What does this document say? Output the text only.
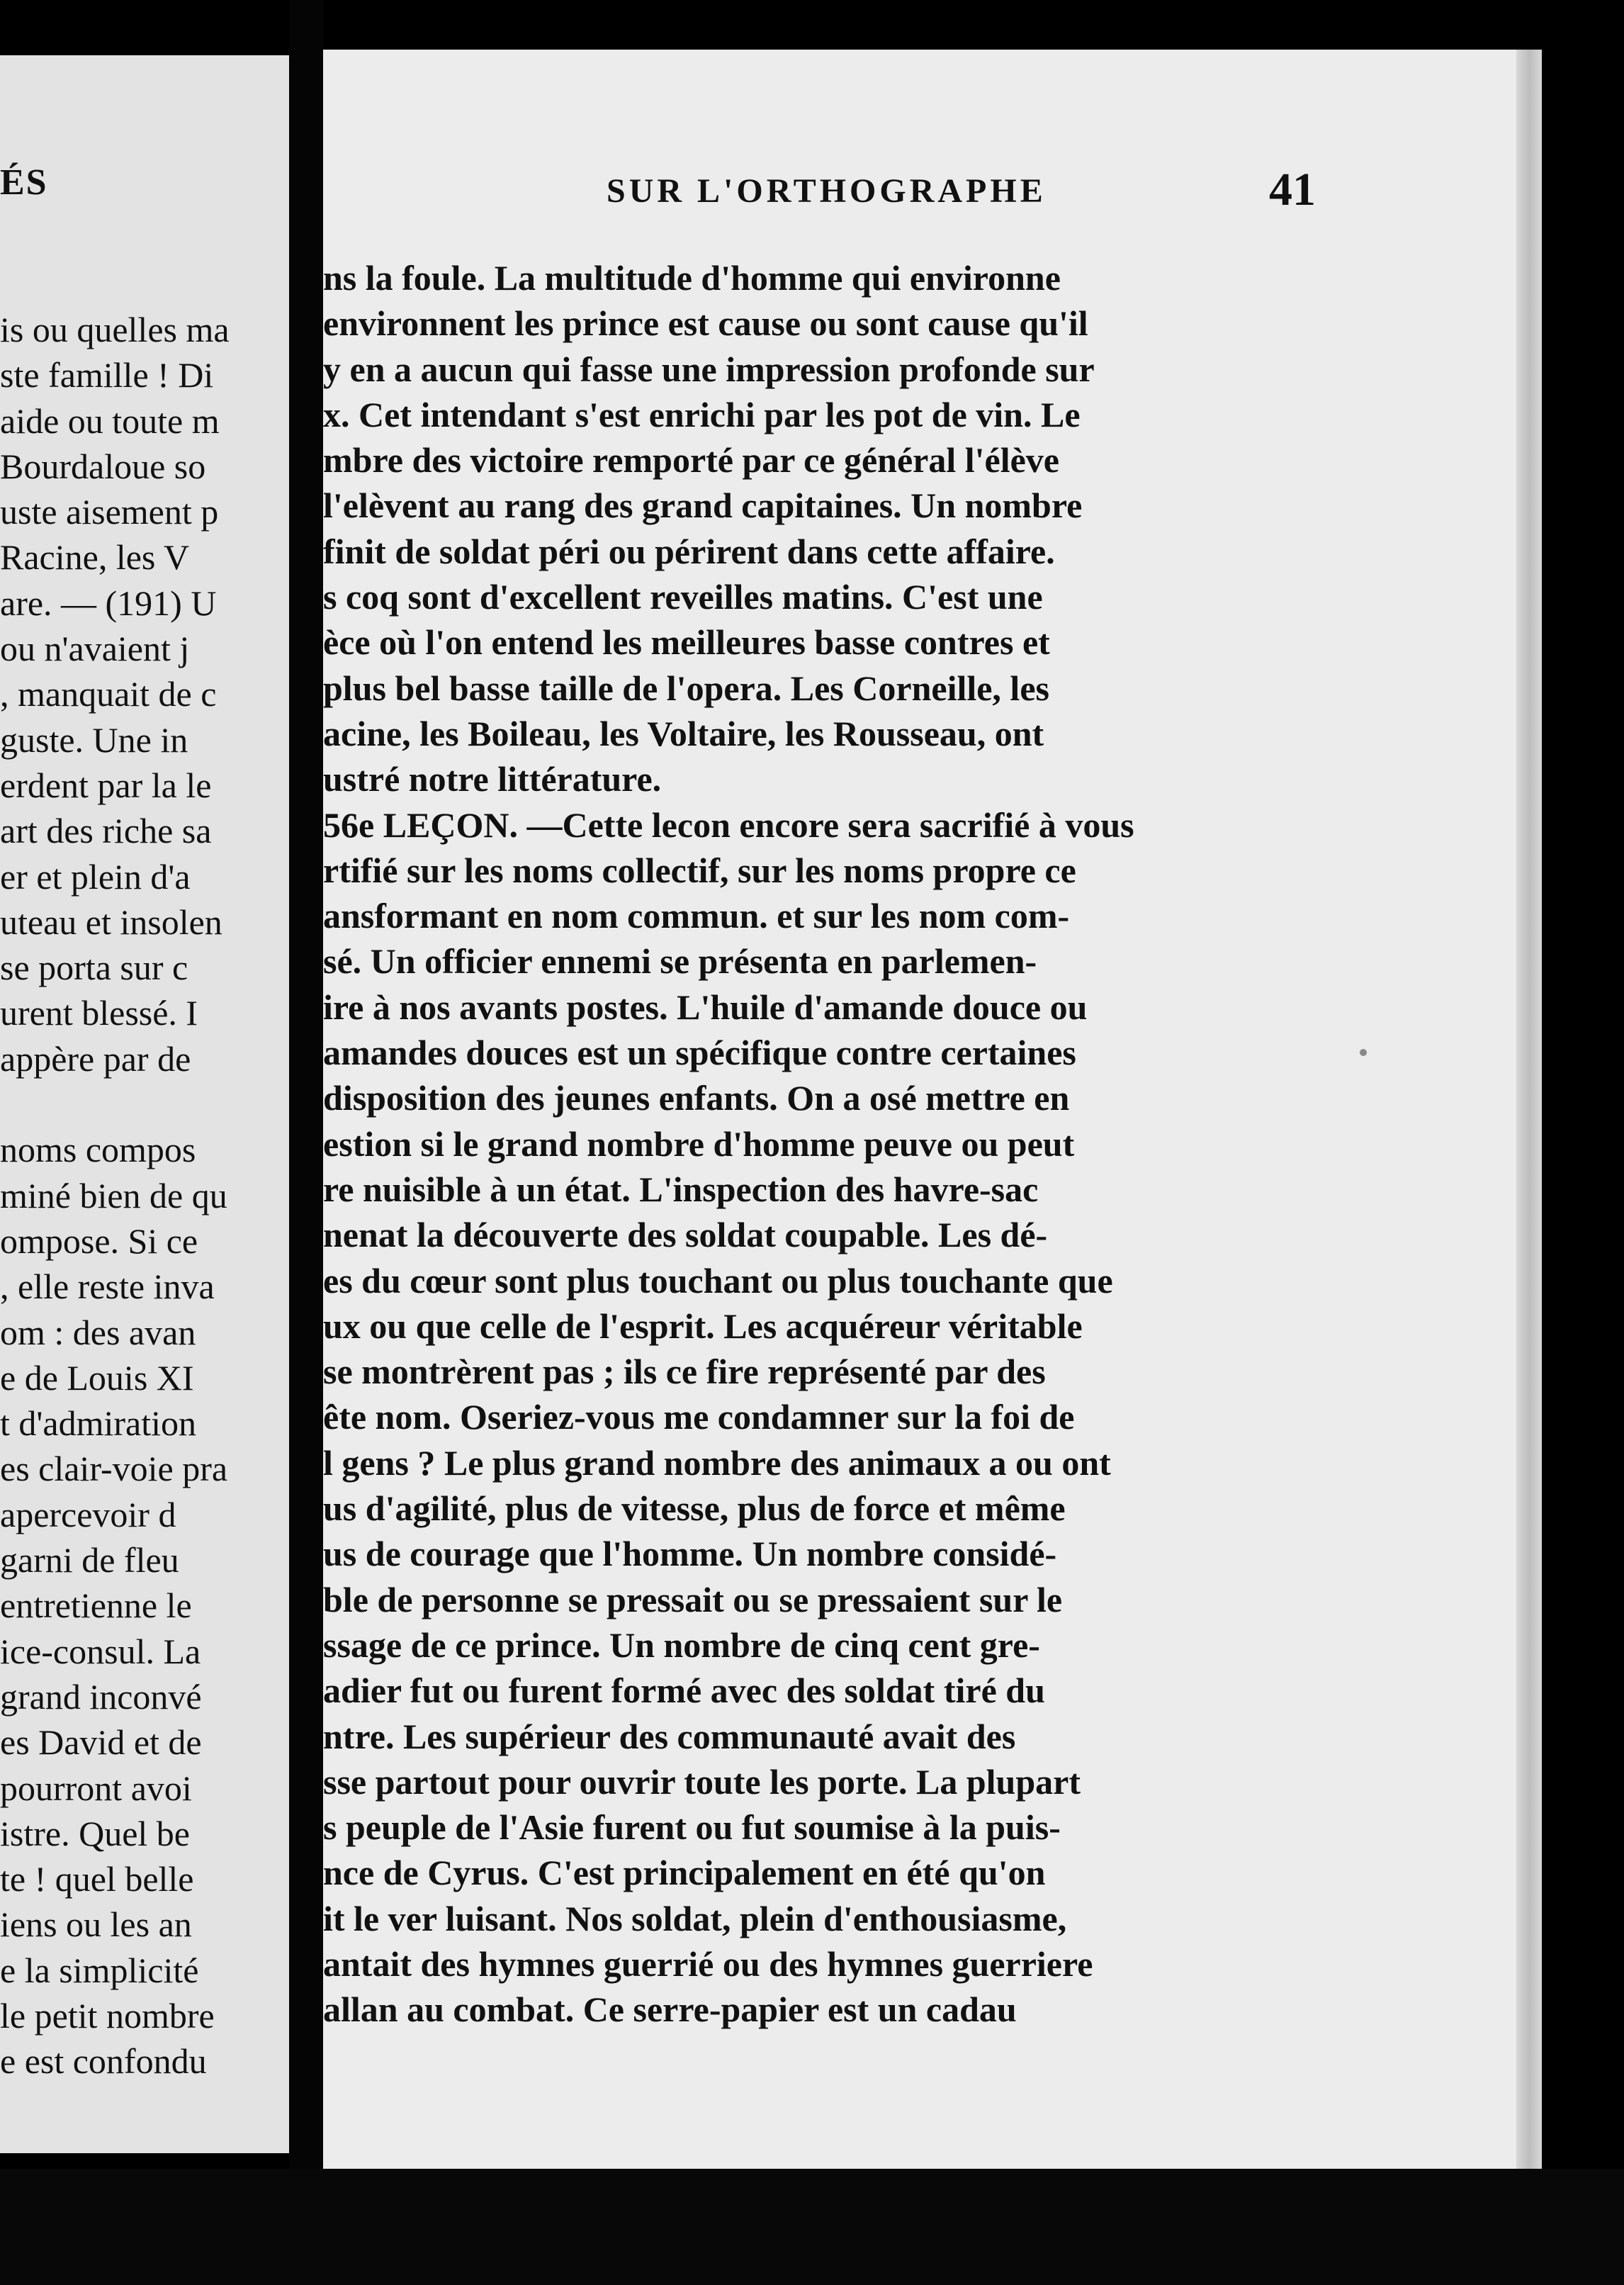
ÉS
is ou quelles ma
ste famille ! Di
aide ou toute m
Bourdaloue so
uste aisement p
Racine, les V
are. — (191) U
ou n'avaient j
, manquait de c
guste. Une in
erdent par la le
art des riche sa
er et plein d'a
uteau et insolen
se porta sur c
urent blessé. I
appère par de
noms compos
miné bien de qu
ompose. Si ce
, elle reste inva
om : des avan
e de Louis XI
t d'admiration
es clair-voie pra
apercevoir d
garni de fleu
entretienne le
ice-consul. La
grand inconvé
es David et de
pourront avoi
istre. Quel be
te ! quel belle
iens ou les an
e la simplicité
le petit nombre
e est confondu
SUR L'ORTHOGRAPHE	41
ns la foule. La multitude d'homme qui environne
environnent les prince est cause ou sont cause qu'il
y en a aucun qui fasse une impression profonde sur
x. Cet intendant s'est enrichi par les pot de vin. Le
mbre des victoire remporté par ce général l'élève
l'elèvent au rang des grand capitaines. Un nombre
finit de soldat péri ou périrent dans cette affaire.
s coq sont d'excellent reveilles matins. C'est une
èce où l'on entend les meilleures basse contres et
plus bel basse taille de l'opera. Les Corneille, les
acine, les Boileau, les Voltaire, les Rousseau, ont
ustré notre littérature.
56e LEÇON. —Cette lecon encore sera sacrifié à vous
rtifié sur les noms collectif, sur les noms propre ce
ansformant en nom commun. et sur les nom com-
sé. Un officier ennemi se présenta en parlemen-
ire à nos avants postes. L'huile d'amande douce ou
amandes douces est un spécifique contre certaines
disposition des jeunes enfants. On a osé mettre en
estion si le grand nombre d'homme peuve ou peut
re nuisible à un état. L'inspection des havre-sac
nenat la découverte des soldat coupable. Les dé-
es du cœur sont plus touchant ou plus touchante que
ux ou que celle de l'esprit. Les acquéreur véritable
se montrèrent pas ; ils ce fire représenté par des
ête nom. Oseriez-vous me condamner sur la foi de
l gens ? Le plus grand nombre des animaux a ou ont
us d'agilité, plus de vitesse, plus de force et même
us de courage que l'homme. Un nombre considé-
ble de personne se pressait ou se pressaient sur le
ssage de ce prince. Un nombre de cinq cent gre-
adier fut ou furent formé avec des soldat tiré du
ntre. Les supérieur des communauté avait des
sse partout pour ouvrir toute les porte. La plupart
s peuple de l'Asie furent ou fut soumise à la puis-
nce de Cyrus. C'est principalement en été qu'on
it le ver luisant. Nos soldat, plein d'enthousiasme,
antait des hymnes guerrié ou des hymnes guerriere
allan au combat. Ce serre-papier est un cadau
